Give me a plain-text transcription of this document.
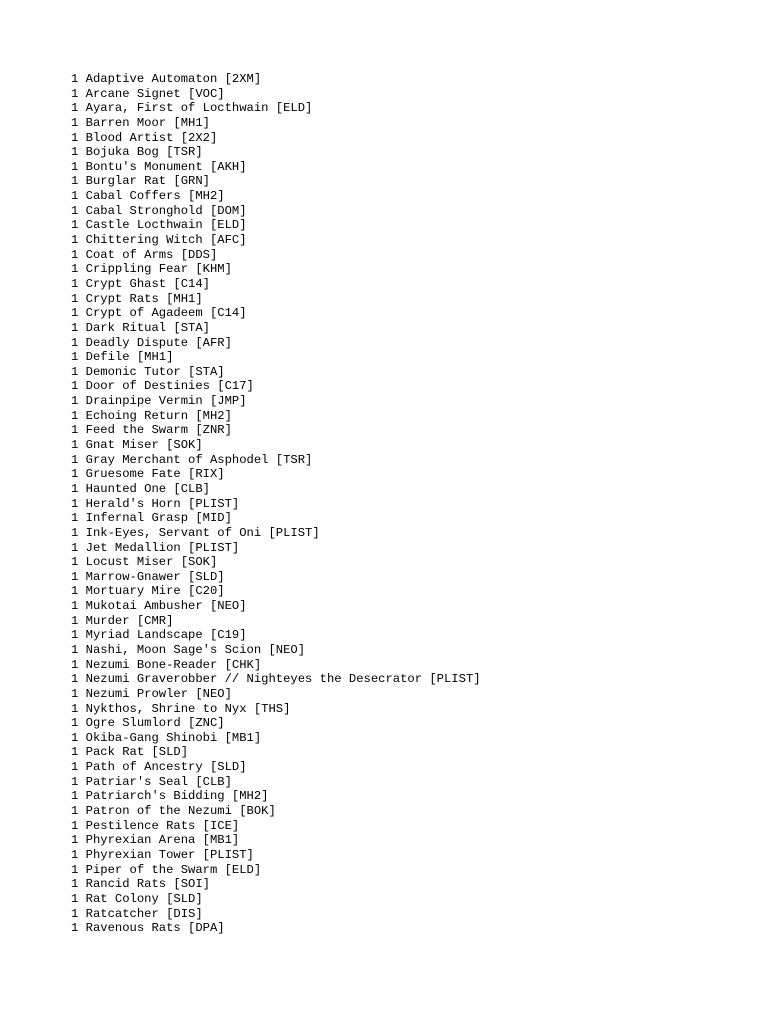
1 Adaptive Automaton [2XM]
1 Arcane Signet [VOC]
1 Ayara, First of Locthwain [ELD]
1 Barren Moor [MH1]
1 Blood Artist [2X2]
1 Bojuka Bog [TSR]
1 Bontu's Monument [AKH]
1 Burglar Rat [GRN]
1 Cabal Coffers [MH2]
1 Cabal Stronghold [DOM]
1 Castle Locthwain [ELD]
1 Chittering Witch [AFC]
1 Coat of Arms [DDS]
1 Crippling Fear [KHM]
1 Crypt Ghast [C14]
1 Crypt Rats [MH1]
1 Crypt of Agadeem [C14]
1 Dark Ritual [STA]
1 Deadly Dispute [AFR]
1 Defile [MH1]
1 Demonic Tutor [STA]
1 Door of Destinies [C17]
1 Drainpipe Vermin [JMP]
1 Echoing Return [MH2]
1 Feed the Swarm [ZNR]
1 Gnat Miser [SOK]
1 Gray Merchant of Asphodel [TSR]
1 Gruesome Fate [RIX]
1 Haunted One [CLB]
1 Herald's Horn [PLIST]
1 Infernal Grasp [MID]
1 Ink-Eyes, Servant of Oni [PLIST]
1 Jet Medallion [PLIST]
1 Locust Miser [SOK]
1 Marrow-Gnawer [SLD]
1 Mortuary Mire [C20]
1 Mukotai Ambusher [NEO]
1 Murder [CMR]
1 Myriad Landscape [C19]
1 Nashi, Moon Sage's Scion [NEO]
1 Nezumi Bone-Reader [CHK]
1 Nezumi Graverobber // Nighteyes the Desecrator [PLIST]
1 Nezumi Prowler [NEO]
1 Nykthos, Shrine to Nyx [THS]
1 Ogre Slumlord [ZNC]
1 Okiba-Gang Shinobi [MB1]
1 Pack Rat [SLD]
1 Path of Ancestry [SLD]
1 Patriar's Seal [CLB]
1 Patriarch's Bidding [MH2]
1 Patron of the Nezumi [BOK]
1 Pestilence Rats [ICE]
1 Phyrexian Arena [MB1]
1 Phyrexian Tower [PLIST]
1 Piper of the Swarm [ELD]
1 Rancid Rats [SOI]
1 Rat Colony [SLD]
1 Ratcatcher [DIS]
1 Ravenous Rats [DPA]
